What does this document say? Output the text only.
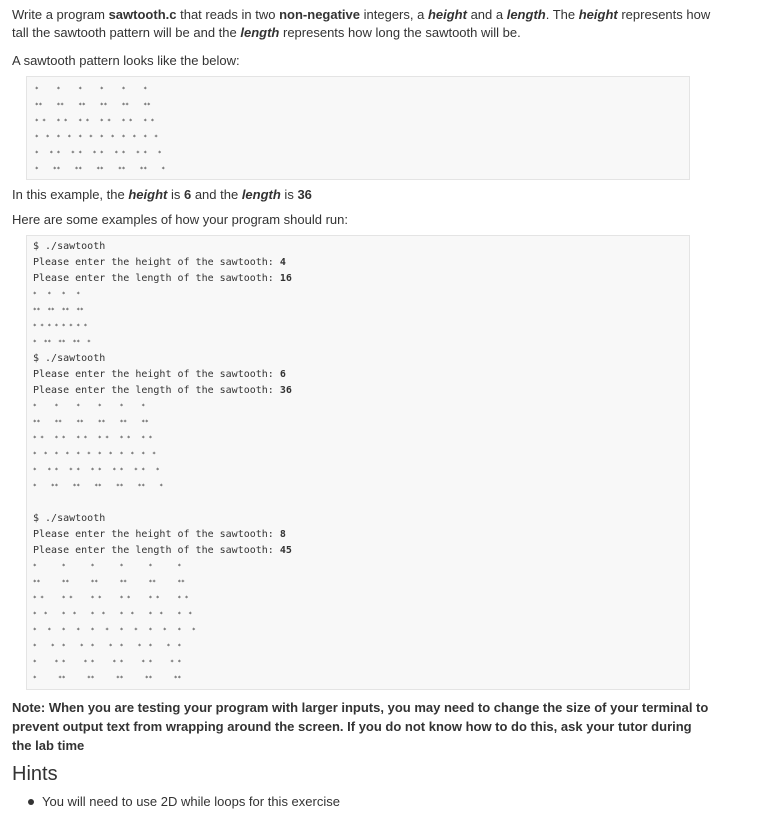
Write a program sawtooth.c that reads in two non-negative integers, a height and a length. The height represents how
tall the sawtooth pattern will be and the length represents how long the sawtooth will be.

A sawtooth pattern looks like the below:

*     *     *     *     *     *
**    **    **    **    **    **
* *   * *   * *   * *   * *   * *
*  *  *  *  *  *  *  *  *  *  *  *
*   * *   * *   * *   * *   * *   *
*    **    **    **    **    **    *

In this example, the height is 6 and the length is 36

Here are some examples of how your program should run:

$ ./sawtooth
Please enter the height of the sawtooth: 4
Please enter the length of the sawtooth: 16
*   *   *   *
**  **  **  **
* * * * * * * *
*  **  **  **  *
$ ./sawtooth
Please enter the height of the sawtooth: 6
Please enter the length of the sawtooth: 36
*     *     *     *     *     *
**    **    **    **    **    **
* *   * *   * *   * *   * *   * *
*  *  *  *  *  *  *  *  *  *  *  *
*   * *   * *   * *   * *   * *   *
*    **    **    **    **    **    *
$ ./sawtooth
Please enter the height of the sawtooth: 8
Please enter the length of the sawtooth: 45
*       *       *       *       *       *
**      **      **      **      **      **
* *     * *     * *     * *     * *     * *
*  *    *  *    *  *    *  *    *  *    *  *
*   *   *   *   *   *   *   *   *   *   *   *
*    *  *    *  *    *  *    *  *    *  *
*     * *     * *     * *     * *     * *
*      **      **      **      **      **

Note: When you are testing your program with larger inputs, you may need to change the size of your terminal to
prevent output text from wrapping around the screen. If you do not know how to do this, ask your tutor during
the lab time

Hints
You will need to use 2D while loops for this exercise
